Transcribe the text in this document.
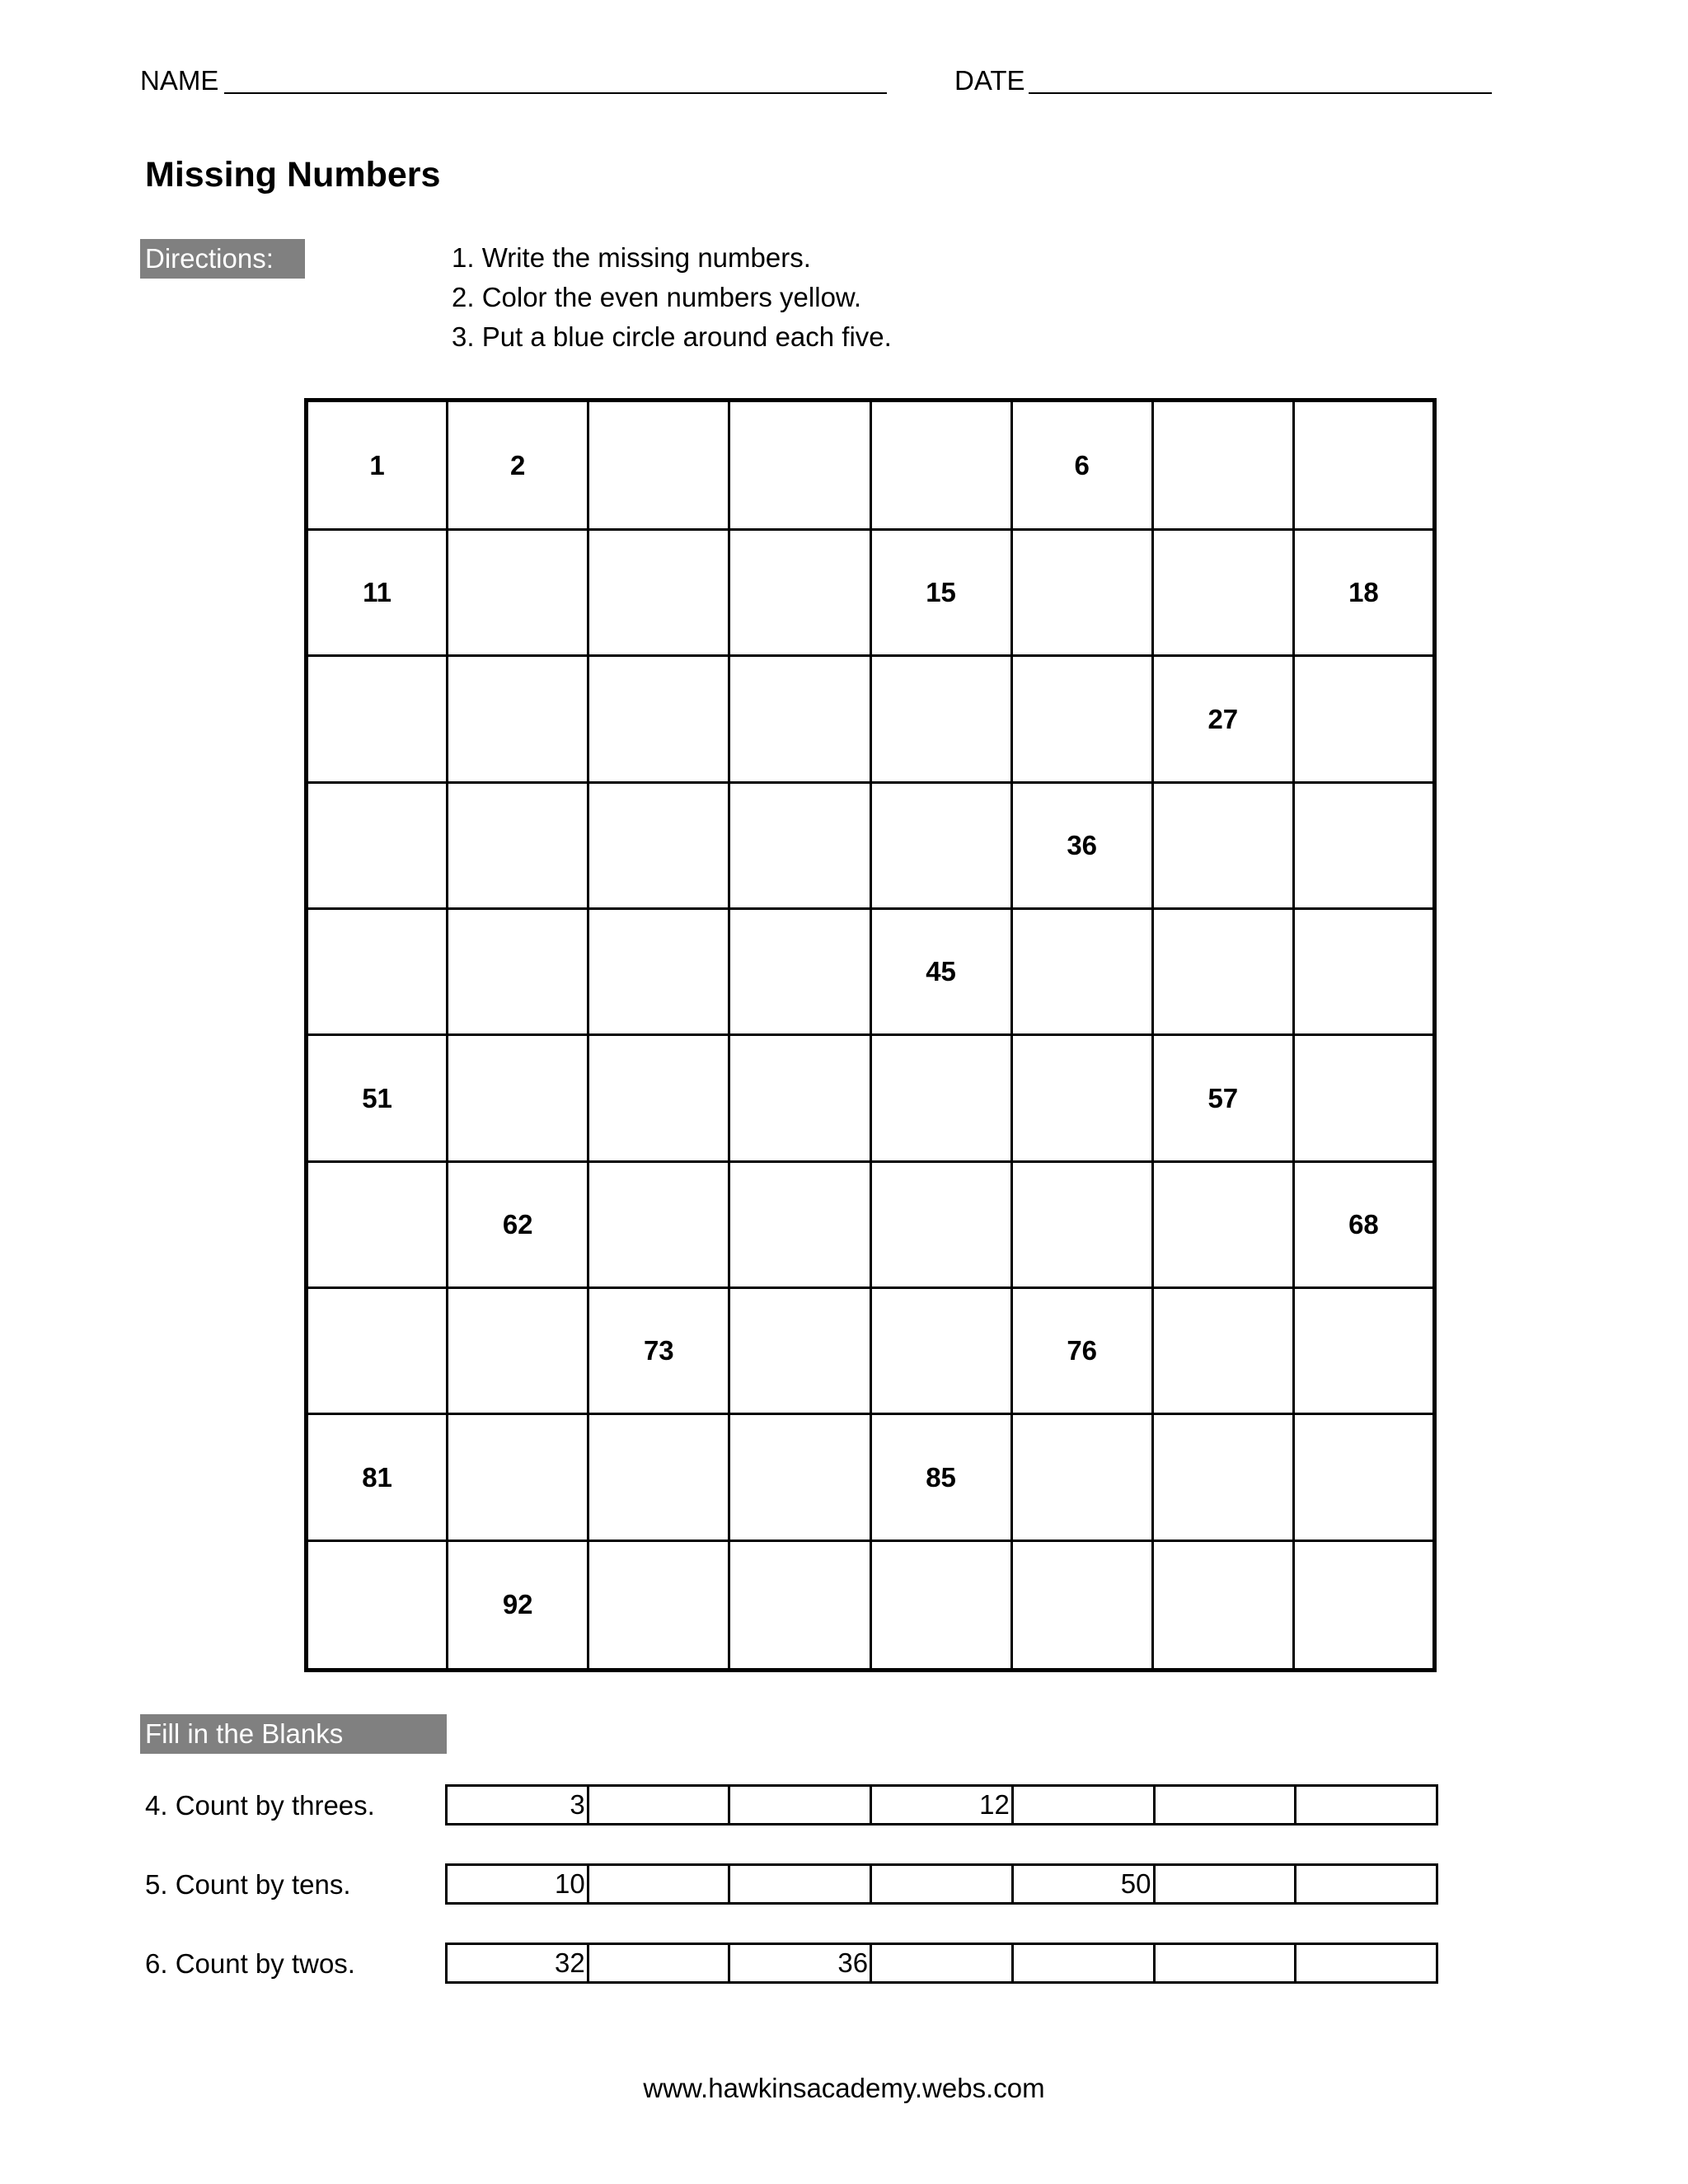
NAME	DATE
Missing Numbers
Directions:	1. Write the missing numbers.
2. Color the even numbers yellow.
3. Put a blue circle around each five.
1	2				6		
11				15			18
						27	
					36		
				45			
51						57	
	62						68
		73			76		
81				85			
	92						
Fill in the Blanks
4. Count by threes.	3			12			
5. Count by tens.	10				50		
6. Count by twos.	32		36				
www.hawkinsacademy.webs.com
